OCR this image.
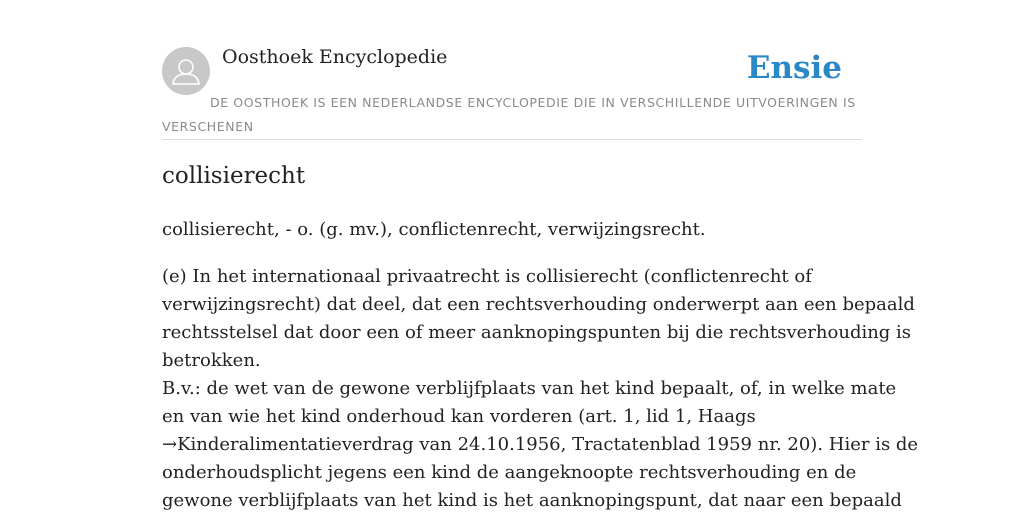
Oosthoek Encyclopedie	Ensie
DE OOSTHOEK IS EEN NEDERLANDSE ENCYCLOPEDIE DIE IN VERSCHILLENDE UITVOERINGEN IS VERSCHENEN
collisierecht

collisierecht, - o. (g. mv.), conflictenrecht, verwijzingsrecht.

(e) In het internationaal privaatrecht is collisierecht (conflictenrecht of
verwijzingsrecht) dat deel, dat een rechtsverhouding onderwerpt aan een bepaald
rechtsstelsel dat door een of meer aanknopingspunten bij die rechtsverhouding is
betrokken.
B.v.: de wet van de gewone verblijfplaats van het kind bepaalt, of, in welke mate
en van wie het kind onderhoud kan vorderen (art. 1, lid 1, Haags
→Kinderalimentatieverdrag van 24.10.1956, Tractatenblad 1959 nr. 20). Hier is de
onderhoudsplicht jegens een kind de aangeknoopte rechtsverhouding en de
gewone verblijfplaats van het kind is het aanknopingspunt, dat naar een bepaald
